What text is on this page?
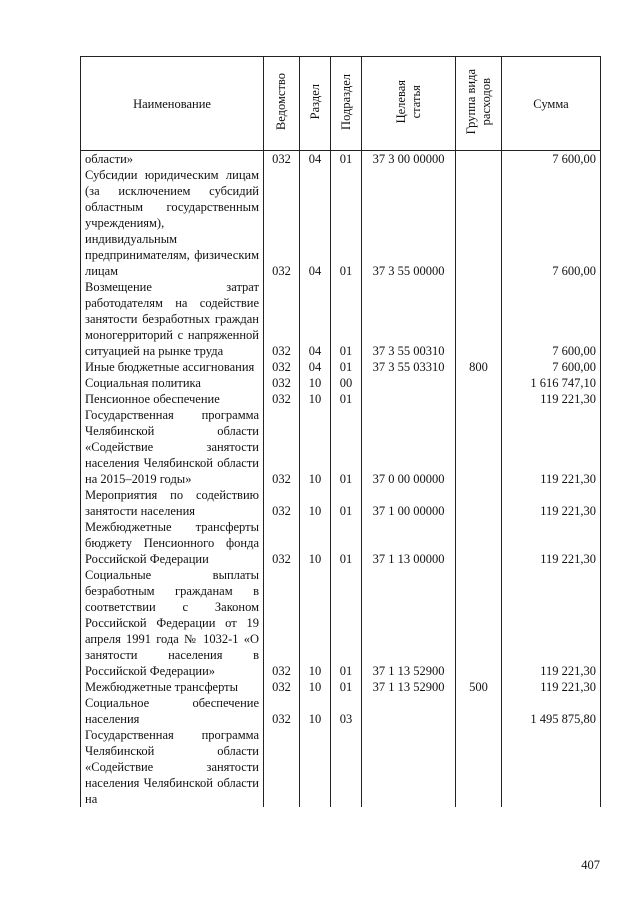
Наименование	Ведомство	Раздел	Подраздел	Целевая
статья	Группа вида
расходов	Сумма
области»	032	04	01	37 3 00 00000		7 600,00
Субсидии юридическим лицам (за исключением субсидий областным государственным учреждениям), индивидуальным предпринимателям, физическим лицам	032	04	01	37 3 55 00000		7 600,00
Возмещение затрат работодателям на содействие занятости безработных граждан моногерриторий с напряженной ситуацией на рынке труда	032	04	01	37 3 55 00310		7 600,00
Иные бюджетные ассигнования	032	04	01	37 3 55 03310	800	7 600,00
Социальная политика	032	10	00			1 616 747,10
Пенсионное обеспечение	032	10	01			119 221,30
Государственная программа Челябинской области «Содействие занятости населения Челябинской области на 2015–2019 годы»	032	10	01	37 0 00 00000		119 221,30
Мероприятия по содействию занятости населения	032	10	01	37 1 00 00000		119 221,30
Межбюджетные трансферты бюджету Пенсионного фонда Российской Федерации	032	10	01	37 1 13 00000		119 221,30
Социальные выплаты безработным гражданам в соответствии с Законом Российской Федерации от 19 апреля 1991 года № 1032-1 «О занятости населения в Российской Федерации»	032	10	01	37 1 13 52900		119 221,30
Межбюджетные трансферты	032	10	01	37 1 13 52900	500	119 221,30
Социальное обеспечение населения	032	10	03			1 495 875,80
Государственная программа Челябинской области «Содействие занятости населения Челябинской области на						
407
